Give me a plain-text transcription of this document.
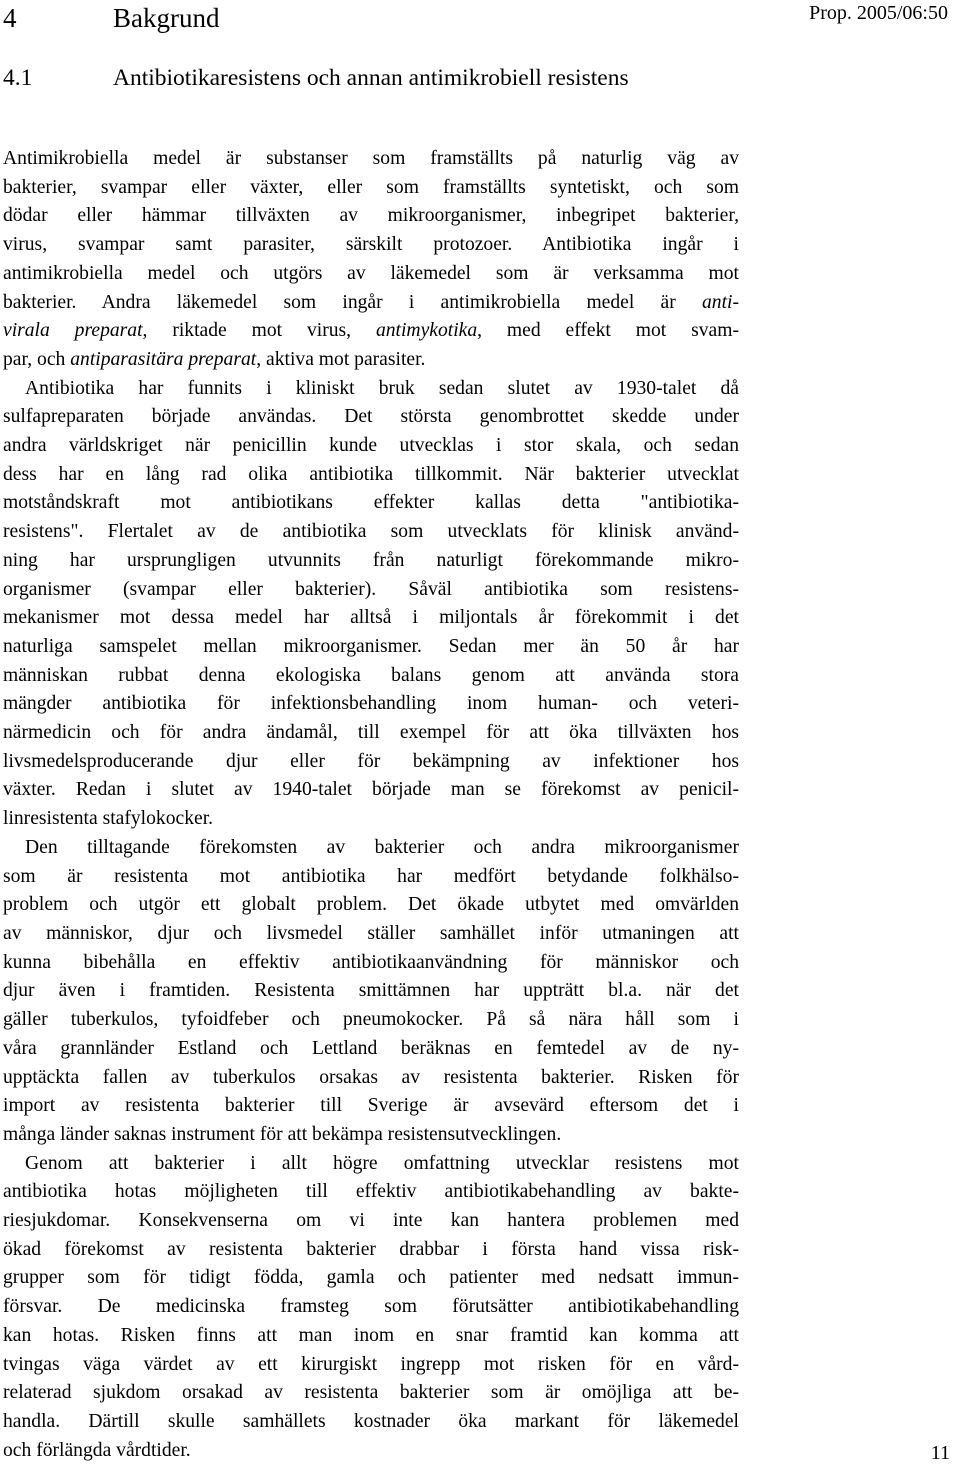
Prop. 2005/06:50
4	Bakgrund
4.1	Antibiotikaresistens och annan antimikrobiell resistens

Antimikrobiella medel är substanser som framställts på naturlig väg av
bakterier, svampar eller växter, eller som framställts syntetiskt, och som
dödar eller hämmar tillväxten av mikroorganismer, inbegripet bakterier,
virus, svampar samt parasiter, särskilt protozoer. Antibiotika ingår i
antimikrobiella medel och utgörs av läkemedel som är verksamma mot
bakterier. Andra läkemedel som ingår i antimikrobiella medel är anti-
virala preparat, riktade mot virus, antimykotika, med effekt mot svam-
par, och antiparasitära preparat, aktiva mot parasiter.

Antibiotika har funnits i kliniskt bruk sedan slutet av 1930-talet då
sulfapreparaten började användas. Det största genombrottet skedde under
andra världskriget när penicillin kunde utvecklas i stor skala, och sedan
dess har en lång rad olika antibiotika tillkommit. När bakterier utvecklat
motståndskraft mot antibiotikans effekter kallas detta "antibiotika-
resistens". Flertalet av de antibiotika som utvecklats för klinisk använd-
ning har ursprungligen utvunnits från naturligt förekommande mikro-
organismer (svampar eller bakterier). Såväl antibiotika som resistens-
mekanismer mot dessa medel har alltså i miljontals år förekommit i det
naturliga samspelet mellan mikroorganismer. Sedan mer än 50 år har
människan rubbat denna ekologiska balans genom att använda stora
mängder antibiotika för infektionsbehandling inom human- och veteri-
närmedicin och för andra ändamål, till exempel för att öka tillväxten hos
livsmedelsproducerande djur eller för bekämpning av infektioner hos
växter. Redan i slutet av 1940-talet började man se förekomst av penicil-
linresistenta stafylokocker.

Den tilltagande förekomsten av bakterier och andra mikroorganismer
som är resistenta mot antibiotika har medfört betydande folkhälso-
problem och utgör ett globalt problem. Det ökade utbytet med omvärlden
av människor, djur och livsmedel ställer samhället inför utmaningen att
kunna bibehålla en effektiv antibiotikaanvändning för människor och
djur även i framtiden. Resistenta smittämnen har uppträtt bl.a. när det
gäller tuberkulos, tyfoidfeber och pneumokocker. På så nära håll som i
våra grannländer Estland och Lettland beräknas en femtedel av de ny-
upptäckta fallen av tuberkulos orsakas av resistenta bakterier. Risken för
import av resistenta bakterier till Sverige är avsevärd eftersom det i
många länder saknas instrument för att bekämpa resistensutvecklingen.

Genom att bakterier i allt högre omfattning utvecklar resistens mot
antibiotika hotas möjligheten till effektiv antibiotikabehandling av bakte-
riesjukdomar. Konsekvenserna om vi inte kan hantera problemen med
ökad förekomst av resistenta bakterier drabbar i första hand vissa risk-
grupper som för tidigt födda, gamla och patienter med nedsatt immun-
försvar. De medicinska framsteg som förutsätter antibiotikabehandling
kan hotas. Risken finns att man inom en snar framtid kan komma att
tvingas väga värdet av ett kirurgiskt ingrepp mot risken för en vård-
relaterad sjukdom orsakad av resistenta bakterier som är omöjliga att be-
handla. Därtill skulle samhällets kostnader öka markant för läkemedel
och förlängda vårdtider.	11
